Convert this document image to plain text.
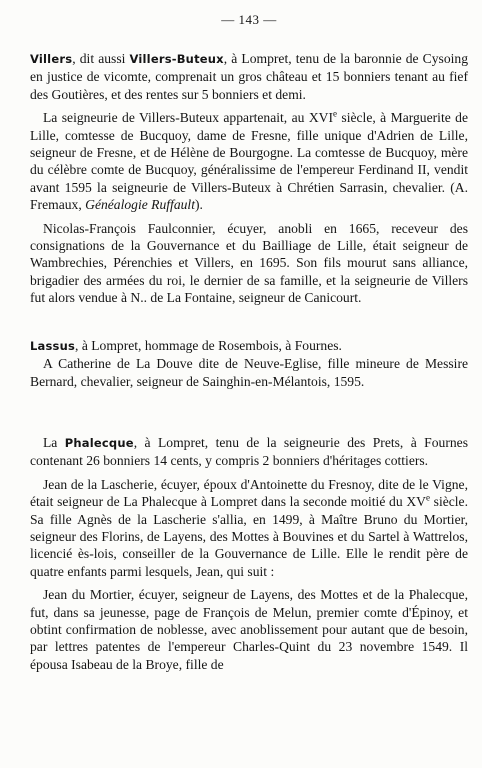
— 143 —

Villers, dit aussi Villers-Buteux, à Lompret, tenu de la baronnie de Cysoing en justice de vicomte, comprenait un gros château et 15 bonniers tenant au fief des Goutières, et des rentes sur 5 bonniers et demi.

La seigneurie de Villers-Buteux appartenait, au XVIe siècle, à Marguerite de Lille, comtesse de Bucquoy, dame de Fresne, fille unique d'Adrien de Lille, seigneur de Fresne, et de Hélène de Bourgogne. La comtesse de Bucquoy, mère du célèbre comte de Bucquoy, généralissime de l'empereur Ferdinand II, vendit avant 1595 la seigneurie de Villers-Buteux à Chrétien Sarrasin, chevalier. (A. Fremaux, Généalogie Ruffault).

Nicolas-François Faulconnier, écuyer, anobli en 1665, receveur des consignations de la Gouvernance et du Bailliage de Lille, était seigneur de Wambrechies, Pérenchies et Villers, en 1695. Son fils mourut sans alliance, brigadier des armées du roi, le dernier de sa famille, et la seigneurie de Villers fut alors vendue à N.. de La Fontaine, seigneur de Canicourt.

Lassus, à Lompret, hommage de Rosembois, à Fournes.

A Catherine de La Douve dite de Neuve-Eglise, fille mineure de Messire Bernard, chevalier, seigneur de Sainghin-en-Mélantois, 1595.

La Phalecque, à Lompret, tenu de la seigneurie des Prets, à Fournes contenant 26 bonniers 14 cents, y compris 2 bonniers d'héritages cottiers.

Jean de la Lascherie, écuyer, époux d'Antoinette du Fresnoy, dite de le Vigne, était seigneur de La Phalecque à Lompret dans la seconde moitié du XVe siècle. Sa fille Agnès de la Lascherie s'allia, en 1499, à Maître Bruno du Mortier, seigneur des Florins, de Layens, des Mottes à Bouvines et du Sartel à Wattrelos, licencié ès-lois, conseiller de la Gouvernance de Lille. Elle le rendit père de quatre enfants parmi lesquels, Jean, qui suit :

Jean du Mortier, écuyer, seigneur de Layens, des Mottes et de la Phalecque, fut, dans sa jeunesse, page de François de Melun, premier comte d'Épinoy, et obtint confirmation de noblesse, avec anoblissement pour autant que de besoin, par lettres patentes de l'empereur Charles-Quint du 23 novembre 1549. Il épousa Isabeau de la Broye, fille de
